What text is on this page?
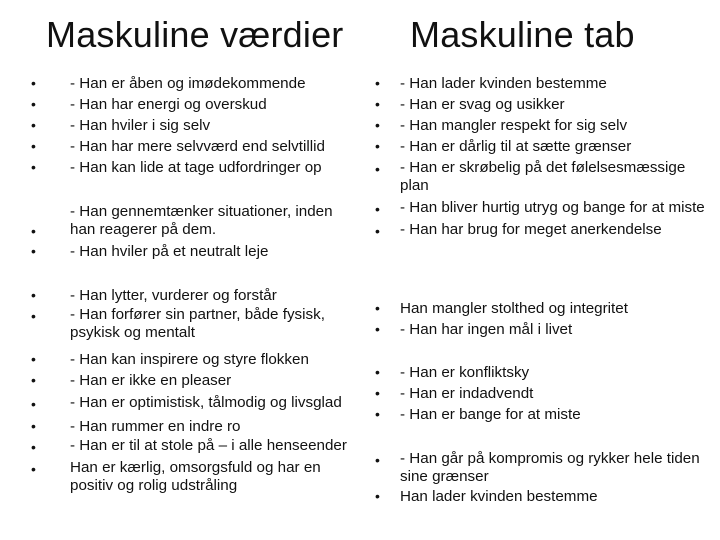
Maskuline værdier Maskuline tab
• - Han er åben og imødekommende
• - Han har energi og overskud
• - Han hviler i sig selv
• - Han har mere selvværd end selvtillid
• - Han kan lide at tage udfordringer op
•
- Han gennemtænker situationer, inden han reagerer på dem.
• - Han hviler på et neutralt leje
• - Han lytter, vurderer og forstår
• - Han forfører sin partner, både fysisk, psykisk og mentalt
• - Han kan inspirere og styre flokken
• - Han er ikke en pleaser
• - Han er optimistisk, tålmodig og livsglad
• - Han rummer en indre ro
• - Han er til at stole på – i alle henseender
• Han er kærlig, omsorgsfuld og har en positiv og rolig udstråling
• - Han lader kvinden bestemme
• - Han er svag og usikker
• - Han mangler respekt for sig selv
• - Han er dårlig til at sætte grænser
• - Han er skrøbelig på det følelsesmæssige plan
• - Han bliver hurtig utryg og bange for at miste
• - Han har brug for meget anerkendelse
• Han mangler stolthed og integritet
• - Han har ingen mål i livet
• - Han er konfliktsky
• - Han er indadvendt
• - Han er bange for at miste
• - Han går på kompromis og rykker hele tiden sine grænser
• Han lader kvinden bestemme
